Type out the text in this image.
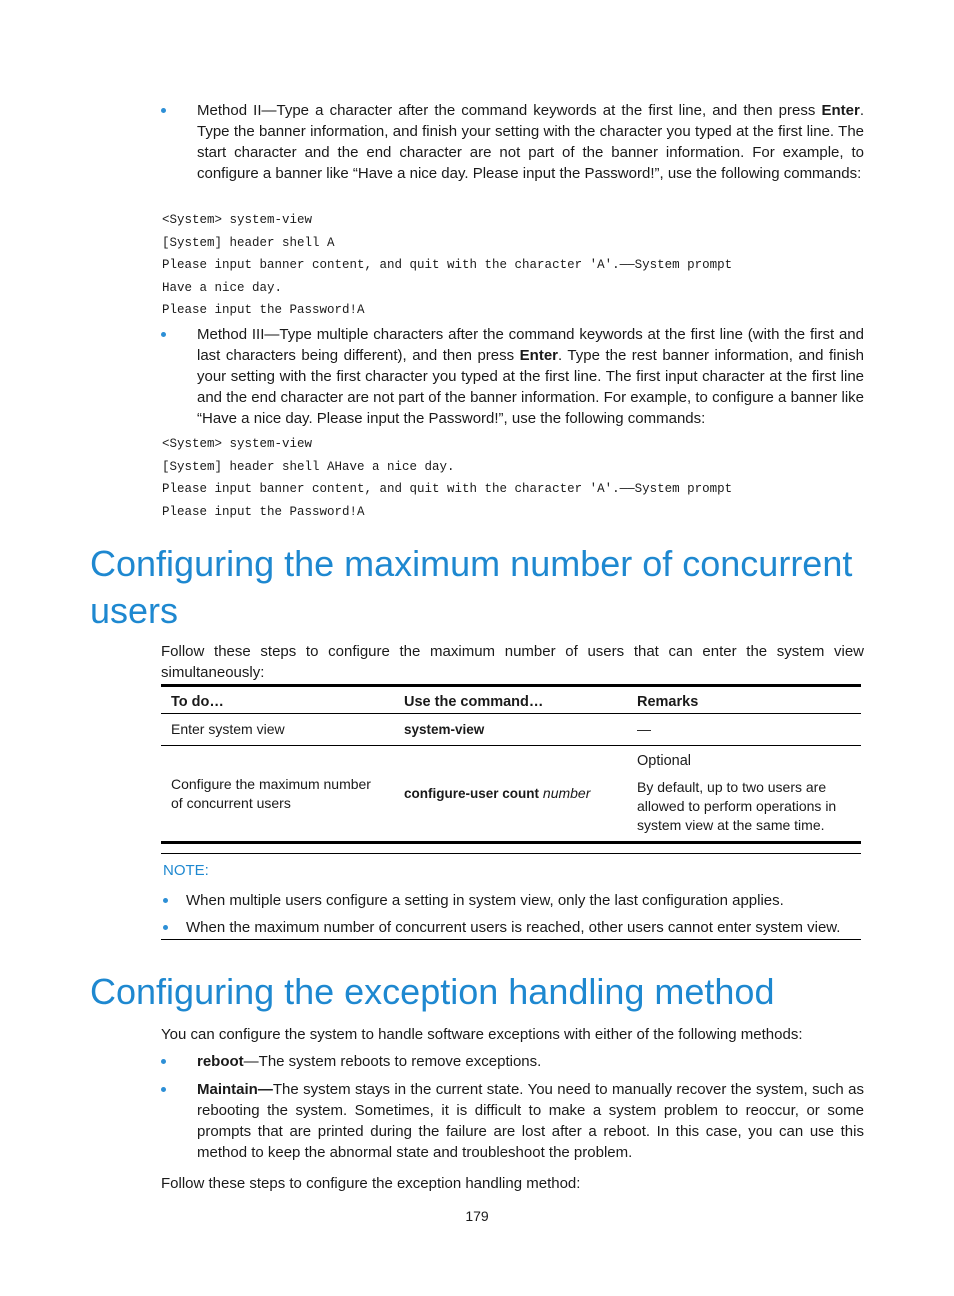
Method II—Type a character after the command keywords at the first line, and then press Enter. Type the banner information, and finish your setting with the character you typed at the first line. The start character and the end character are not part of the banner information. For example, to configure a banner like “Have a nice day. Please input the Password!”, use the following commands:
<System> system-view
[System] header shell A
Please input banner content, and quit with the character 'A'.——System prompt
Have a nice day.
Please input the Password!A
Method III—Type multiple characters after the command keywords at the first line (with the first and last characters being different), and then press Enter. Type the rest banner information, and finish your setting with the first character you typed at the first line. The first input character at the first line and the end character are not part of the banner information. For example, to configure a banner like “Have a nice day. Please input the Password!”, use the following commands:
<System> system-view
[System] header shell AHave a nice day.
Please input banner content, and quit with the character 'A'.——System prompt
Please input the Password!A
Configuring the maximum number of concurrent users
Follow these steps to configure the maximum number of users that can enter the system view simultaneously:
To do…	Use the command…	Remarks
Enter system view	system-view	—
Configure the maximum number of concurrent users	configure-user count number	Optional
By default, up to two users are allowed to perform operations in system view at the same time.
NOTE:
When multiple users configure a setting in system view, only the last configuration applies.
When the maximum number of concurrent users is reached, other users cannot enter system view.
Configuring the exception handling method
You can configure the system to handle software exceptions with either of the following methods:
reboot—The system reboots to remove exceptions.
Maintain—The system stays in the current state. You need to manually recover the system, such as rebooting the system. Sometimes, it is difficult to make a system problem to reoccur, or some prompts that are printed during the failure are lost after a reboot. In this case, you can use this method to keep the abnormal state and troubleshoot the problem.
Follow these steps to configure the exception handling method:
179
